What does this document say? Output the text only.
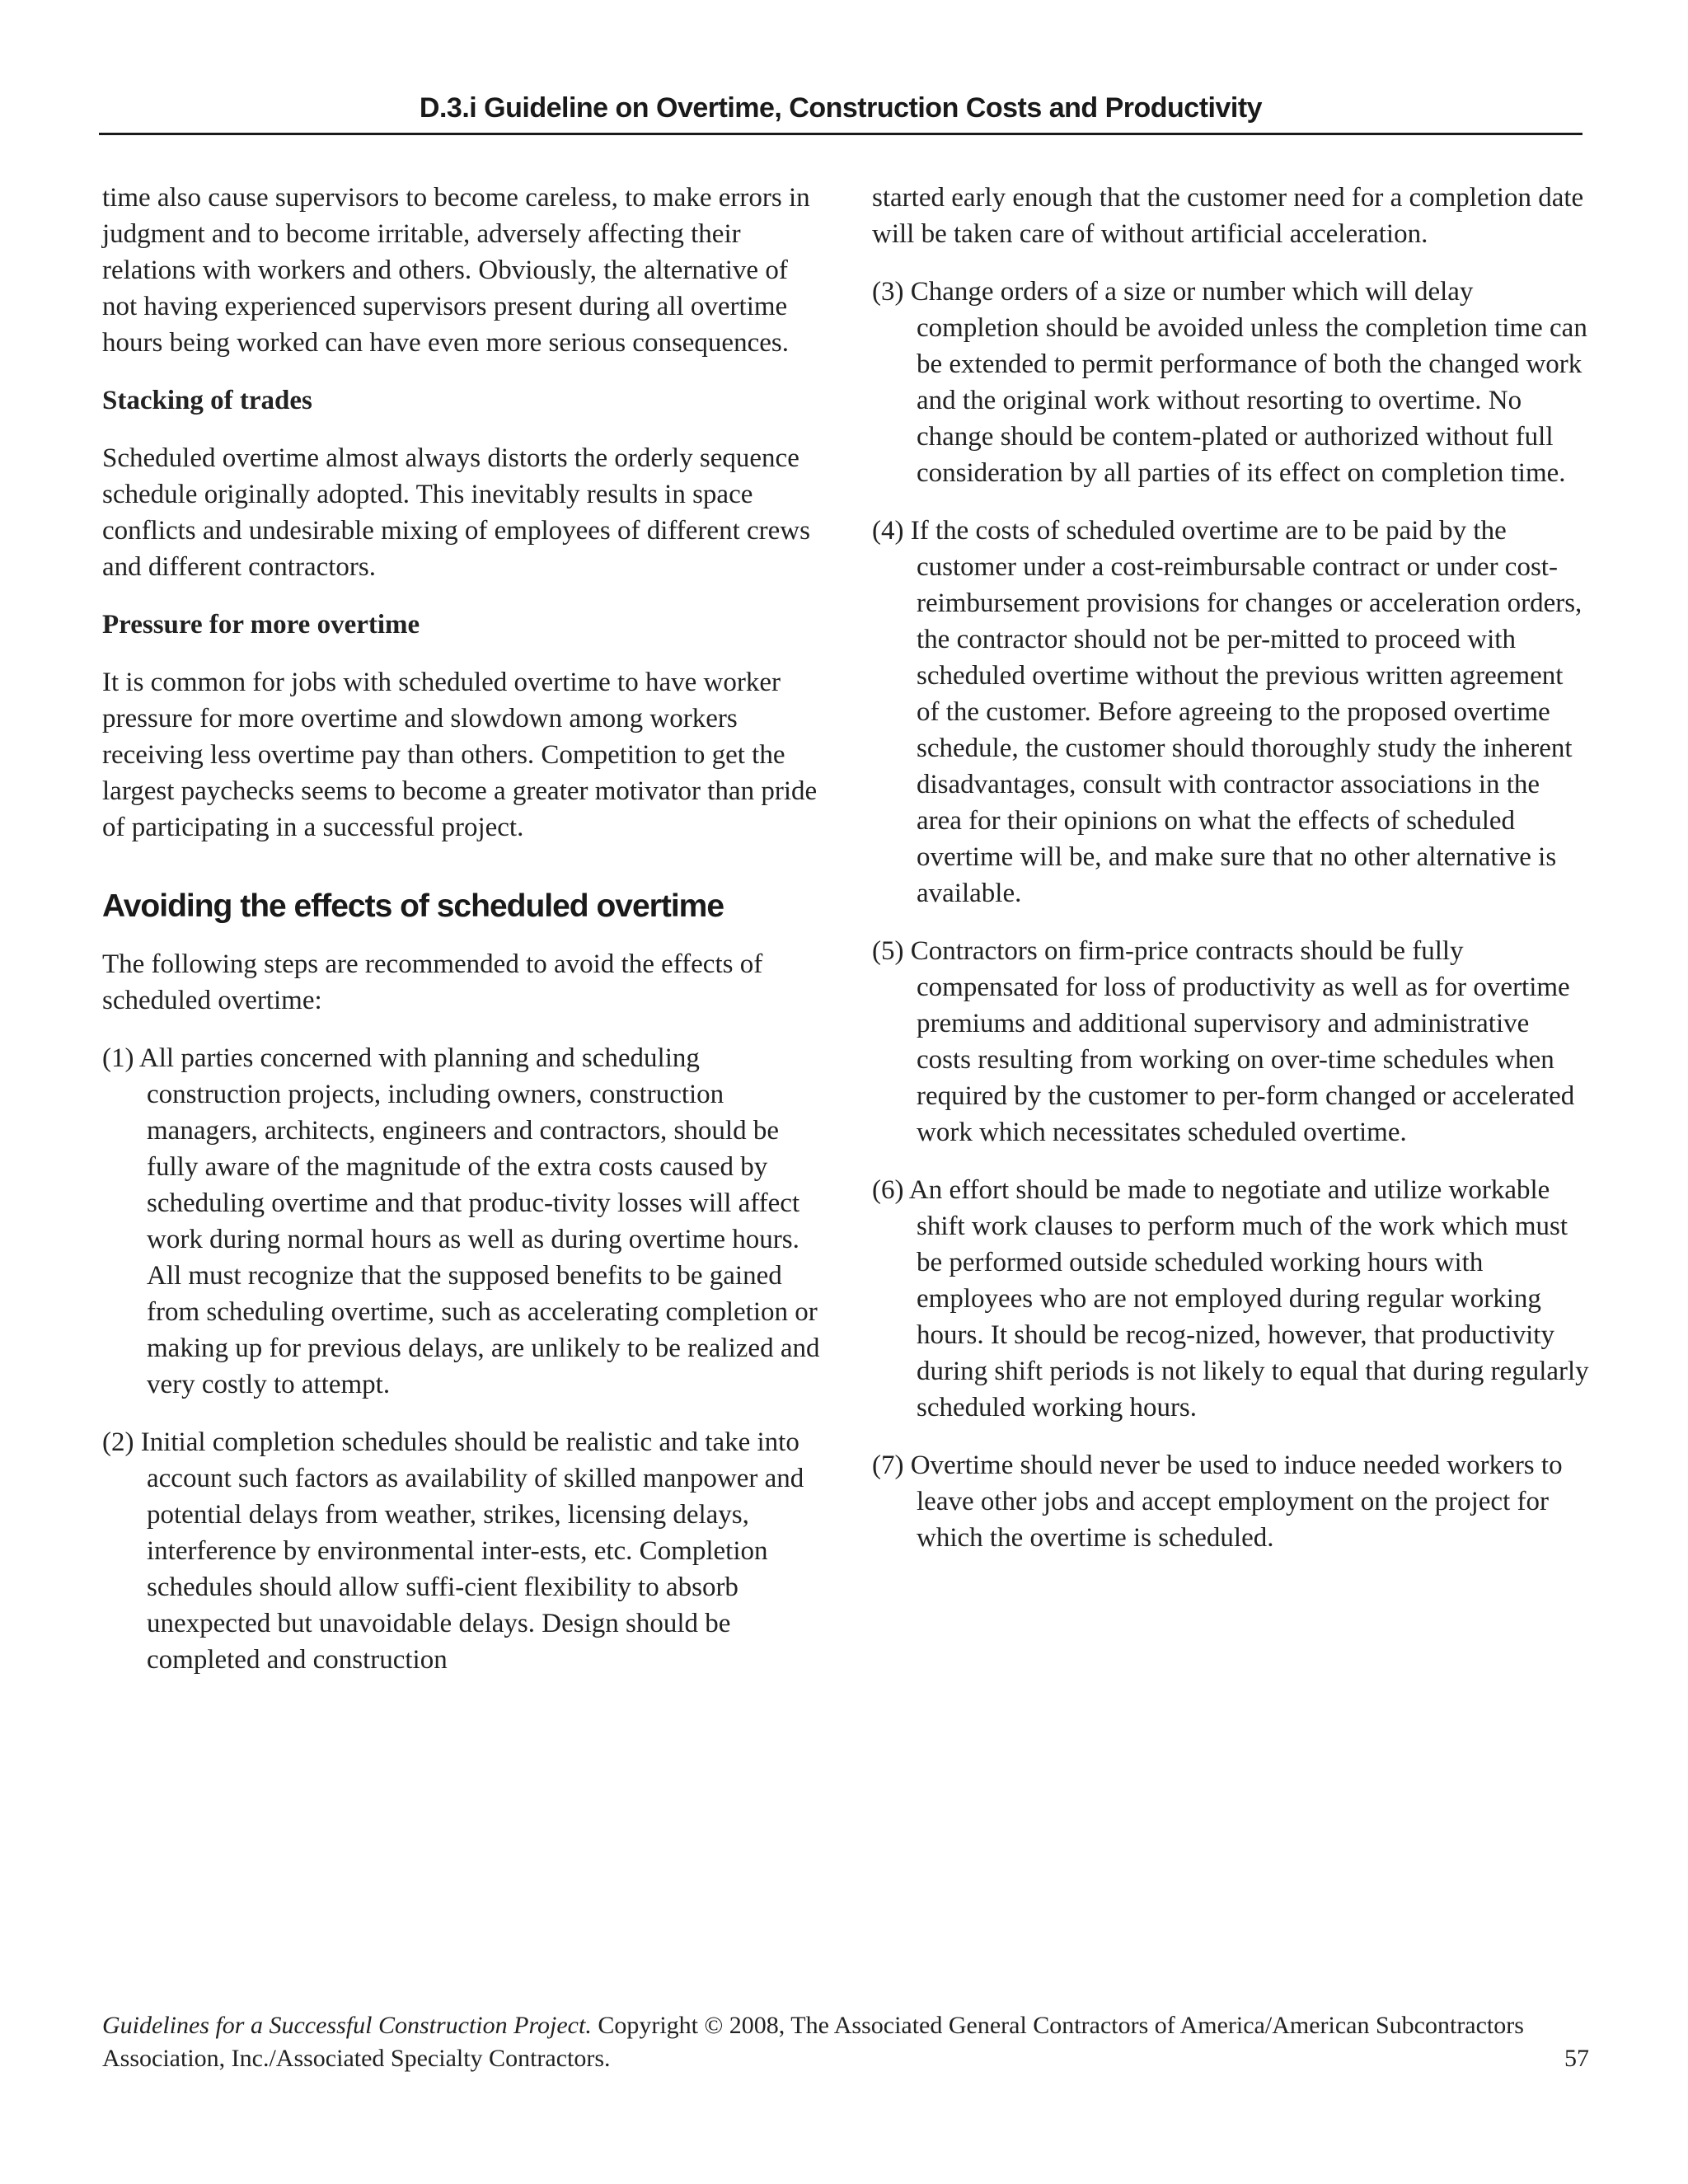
D.3.i Guideline on Overtime, Construction Costs and Productivity

time also cause supervisors to become careless, to make errors in judgment and to become irritable, adversely affecting their relations with workers and others. Obviously, the alternative of not having experienced supervisors present during all overtime hours being worked can have even more serious consequences.

Stacking of trades

Scheduled overtime almost always distorts the orderly sequence schedule originally adopted. This inevitably results in space conflicts and undesirable mixing of employees of different crews and different contractors.

Pressure for more overtime

It is common for jobs with scheduled overtime to have worker pressure for more overtime and slowdown among workers receiving less overtime pay than others. Competition to get the largest paychecks seems to become a greater motivator than pride of participating in a successful project.

Avoiding the effects of scheduled overtime

The following steps are recommended to avoid the effects of scheduled overtime:

(1) All parties concerned with planning and scheduling construction projects, including owners, construction managers, architects, engineers and contractors, should be fully aware of the magnitude of the extra costs caused by scheduling overtime and that produc-tivity losses will affect work during normal hours as well as during overtime hours. All must recognize that the supposed benefits to be gained from scheduling overtime, such as accelerating completion or making up for previous delays, are unlikely to be realized and very costly to attempt.

(2) Initial completion schedules should be realistic and take into account such factors as availability of skilled manpower and potential delays from weather, strikes, licensing delays, interference by environmental inter-ests, etc. Completion schedules should allow suffi-cient flexibility to absorb unexpected but unavoidable delays. Design should be completed and construction

started early enough that the customer need for a completion date will be taken care of without artificial acceleration.

(3) Change orders of a size or number which will delay completion should be avoided unless the completion time can be extended to permit performance of both the changed work and the original work without resorting to overtime. No change should be contem-plated or authorized without full consideration by all parties of its effect on completion time.

(4) If the costs of scheduled overtime are to be paid by the customer under a cost-reimbursable contract or under cost-reimbursement provisions for changes or acceleration orders, the contractor should not be per-mitted to proceed with scheduled overtime without the previous written agreement of the customer. Before agreeing to the proposed overtime schedule, the customer should thoroughly study the inherent disadvantages, consult with contractor associations in the area for their opinions on what the effects of scheduled overtime will be, and make sure that no other alternative is available.

(5) Contractors on firm-price contracts should be fully compensated for loss of productivity as well as for overtime premiums and additional supervisory and administrative costs resulting from working on over-time schedules when required by the customer to per-form changed or accelerated work which necessitates scheduled overtime.

(6) An effort should be made to negotiate and utilize workable shift work clauses to perform much of the work which must be performed outside scheduled working hours with employees who are not employed during regular working hours. It should be recog-nized, however, that productivity during shift periods is not likely to equal that during regularly scheduled working hours.

(7) Overtime should never be used to induce needed workers to leave other jobs and accept employment on the project for which the overtime is scheduled.

Guidelines for a Successful Construction Project. Copyright © 2008, The Associated General Contractors of America/American Subcontractors Association, Inc./Associated Specialty Contractors.	57
